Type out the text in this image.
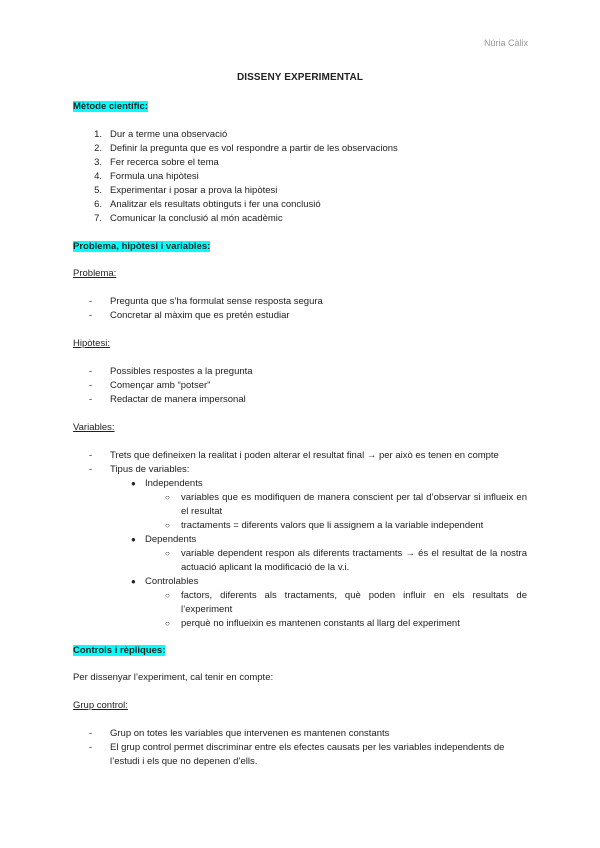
Núria Càlix
DISSENY EXPERIMENTAL
Mètode científic:
1. Dur a terme una observació
2. Definir la pregunta que es vol respondre a partir de les observacions
3. Fer recerca sobre el tema
4. Formula una hipòtesi
5. Experimentar i posar a prova la hipòtesi
6. Analitzar els resultats obtinguts i fer una conclusió
7. Comunicar la conclusió al món acadèmic
Problema, hipòtesi i variables:
Problema:
- Pregunta que s’ha formulat sense resposta segura
- Concretar al màxim que es pretén estudiar
Hipòtesi:
- Possibles respostes a la pregunta
- Començar amb “potser”
- Redactar de manera impersonal
Variables:
- Trets que defineixen la realitat i poden alterar el resultat final → per això es tenen en compte
- Tipus de variables:
● Independents
○ variables que es modifiquen de manera conscient per tal d’observar si influeix en el resultat
○ tractaments = diferents valors que li assignem a la variable independent
● Dependents
○ variable dependent respon als diferents tractaments → és el resultat de la nostra actuació aplicant la modificació de la v.i.
● Controlables
○ factors, diferents als tractaments, què poden influir en els resultats de l’experiment
○ perquè no influeixin es mantenen constants al llarg del experiment
Controls i rèpliques:
Per dissenyar l’experiment, cal tenir en compte:
Grup control:
- Grup on totes les variables que intervenen es mantenen constants
- El grup control permet discriminar entre els efectes causats per les variables independents de l’estudi i els que no depenen d’ells.
